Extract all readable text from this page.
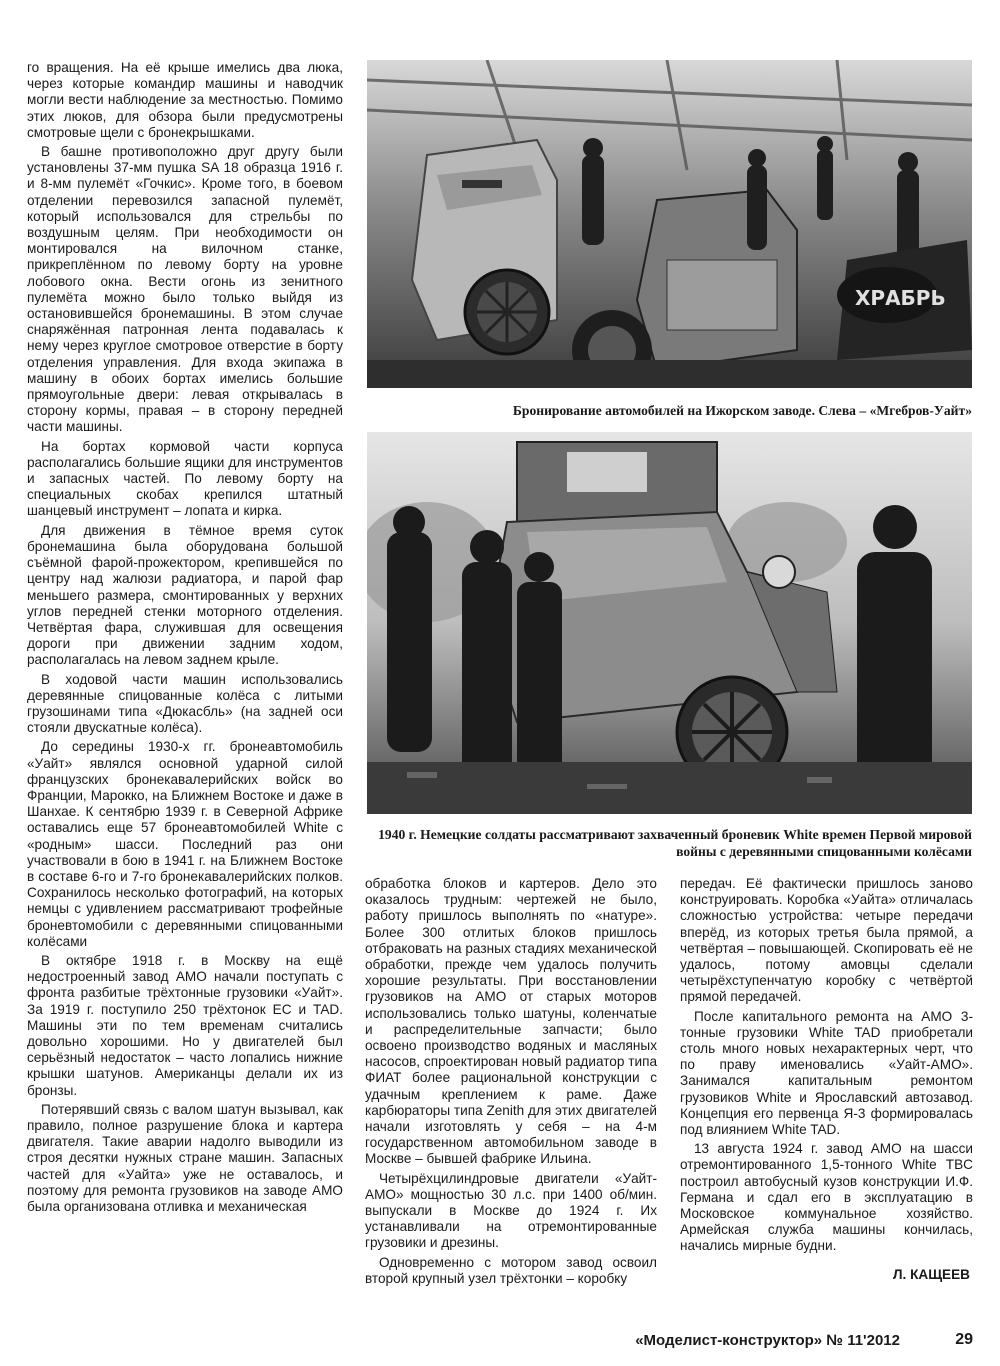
го вращения. На её крыше имелись два люка, через которые командир машины и наводчик могли вести наблюдение за местностью. Помимо этих люков, для обзора были предусмотрены смотровые щели с бронекрышками.

В башне противоположно друг другу были установлены 37-мм пушка SA 18 образца 1916 г. и 8-мм пулемёт «Гочкис». Кроме того, в боевом отделении перевозился запасной пулемёт, который использовался для стрельбы по воздушным целям. При необходимости он монтировался на вилочном станке, прикреплённом по левому борту на уровне лобового окна. Вести огонь из зенитного пулемёта можно было только выйдя из остановившейся бронемашины. В этом случае снаряжённая патронная лента подавалась к нему через круглое смотровое отверстие в борту отделения управления. Для входа экипажа в машину в обоих бортах имелись большие прямоугольные двери: левая открывалась в сторону кормы, правая – в сторону передней части машины.

На бортах кормовой части корпуса располагались большие ящики для инструментов и запасных частей. По левому борту на специальных скобах крепился штатный шанцевый инструмент – лопата и кирка.

Для движения в тёмное время суток бронемашина была оборудована большой съёмной фарой-прожектором, крепившейся по центру над жалюзи радиатора, и парой фар меньшего размера, смонтированных у верхних углов передней стенки моторного отделения. Четвёртая фара, служившая для освещения дороги при движении задним ходом, располагалась на левом заднем крыле.

В ходовой части машин использовались деревянные спицованные колёса с литыми грузошинами типа «Дюкасбль» (на задней оси стояли двускатные колёса).

До середины 1930-х гг. бронеавтомобиль «Уайт» являлся основной ударной силой французских бронекавалерийских войск во Франции, Марокко, на Ближнем Востоке и даже в Шанхае. К сентябрю 1939 г. в Северной Африке оставались еще 57 бронеавтомобилей White с «родным» шасси. Последний раз они участвовали в бою в 1941 г. на Ближнем Востоке в составе 6-го и 7-го бронекавалерийских полков. Сохранилось несколько фотографий, на которых немцы с удивлением рассматривают трофейные броневтомобили с деревянными спицованными колёсами

В октябре 1918 г. в Москву на ещё недостроенный завод АМО начали поступать с фронта разбитые трёхтонные грузовики «Уайт». За 1919 г. поступило 250 трёхтонок ЕС и TAD. Машины эти по тем временам считались довольно хорошими. Но у двигателей был серьёзный недостаток – часто лопались нижние крышки шатунов. Американцы делали их из бронзы.

Потерявший связь с валом шатун вызывал, как правило, полное разрушение блока и картера двигателя. Такие аварии надолго выводили из строя десятки нужных стране машин. Запасных частей для «Уайта» уже не оставалось, и поэтому для ремонта грузовиков на заводе АМО была организована отливка и механическая

ХРАБРЬ
Бронирование автомобилей на Ижорском заводе. Слева – «Мгебров-Уайт»
1940 г. Немецкие солдаты рассматривают захваченный броневик White времен Первой мировой войны с деревянными спицованными колёсами

обработка блоков и картеров. Дело это оказалось трудным: чертежей не было, работу пришлось выполнять по «натуре». Более 300 отлитых блоков пришлось отбраковать на разных стадиях механической обработки, прежде чем удалось получить хорошие результаты. При восстановлении грузовиков на АМО от старых моторов использовались только шатуны, коленчатые и распределительные запчасти; было освоено производство водяных и масляных насосов, спроектирован новый радиатор типа ФИАТ более рациональной конструкции с удачным креплением к раме. Даже карбюраторы типа Zenith для этих двигателей начали изготовлять у себя – на 4-м государственном автомобильном заводе в Москве – бывшей фабрике Ильина.

Четырёхцилиндровые двигатели «Уайт-АМО» мощностью 30 л.с. при 1400 об/мин. выпускали в Москве до 1924 г. Их устанавливали на отремонтированные грузовики и дрезины.

Одновременно с мотором завод освоил второй крупный узел трёхтонки – коробку

передач. Её фактически пришлось заново конструировать. Коробка «Уайта» отличалась сложностью устройства: четыре передачи вперёд, из которых третья была прямой, а четвёртая – повышающей. Скопировать её не удалось, потому амовцы сделали четырёхступенчатую коробку с четвёртой прямой передачей.

После капитального ремонта на АМО 3-тонные грузовики White TAD приобретали столь много новых нехарактерных черт, что по праву именовались «Уайт-АМО». Занимался капитальным ремонтом грузовиков White и Ярославский автозавод. Концепция его первенца Я-3 формировалась под влиянием White TAD.

13 августа 1924 г. завод АМО на шасси отремонтированного 1,5-тонного White TBC построил автобусный кузов конструкции И.Ф. Германа и сдал его в эксплуатацию в Московское коммунальное хозяйство. Армейская служба машины кончилась, начались мирные будни.

Л. КАЩЕЕВ
«Моделист-конструктор» № 11'2012	29
